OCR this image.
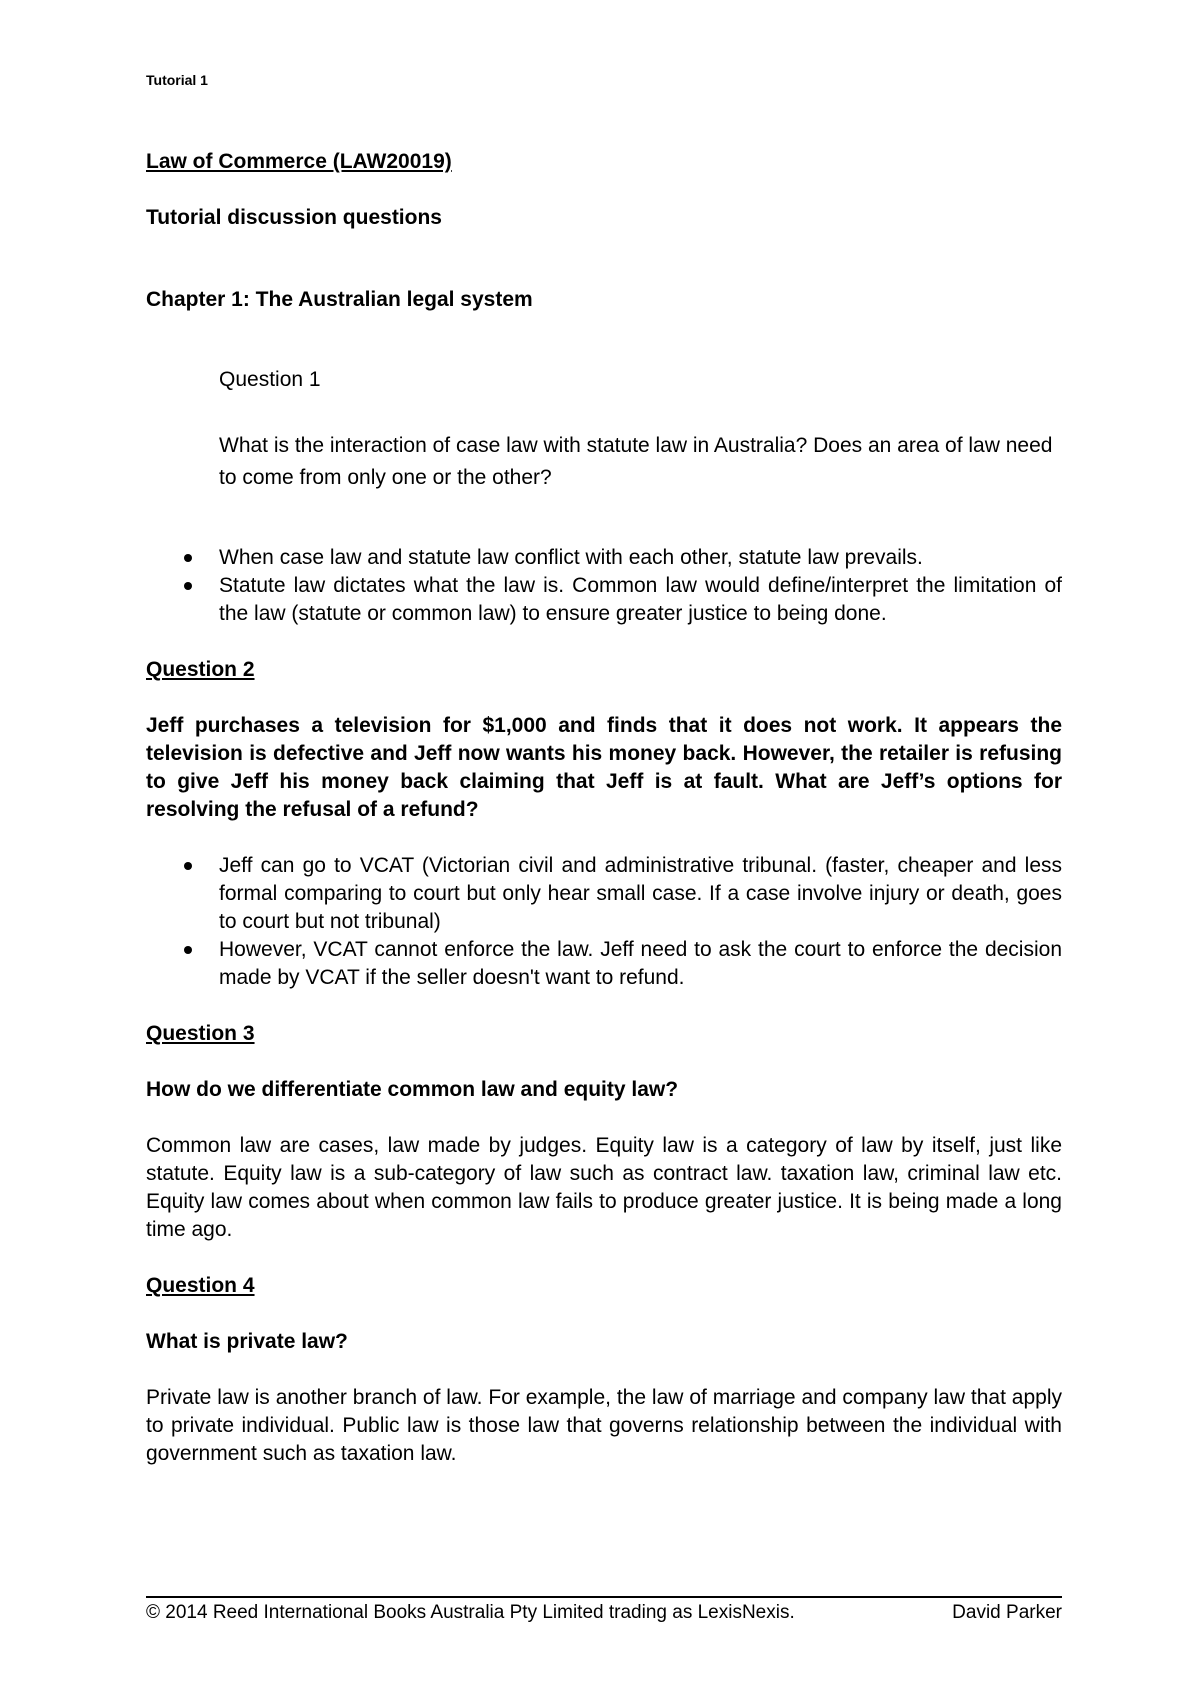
Tutorial 1
Law of Commerce (LAW20019)
Tutorial discussion questions
Chapter 1: The Australian legal system
Question 1
What is the interaction of case law with statute law in Australia? Does an area of law need to come from only one or the other?
When case law and statute law conflict with each other, statute law prevails.
Statute law dictates what the law is. Common law would define/interpret the limitation of the law (statute or common law) to ensure greater justice to being done.
Question 2
Jeff purchases a television for $1,000 and finds that it does not work. It appears the television is defective and Jeff now wants his money back. However, the retailer is refusing to give Jeff his money back claiming that Jeff is at fault. What are Jeff’s options for resolving the refusal of a refund?
Jeff can go to VCAT (Victorian civil and administrative tribunal. (faster, cheaper and less formal comparing to court but only hear small case. If a case involve injury or death, goes to court but not tribunal)
However, VCAT cannot enforce the law. Jeff need to ask the court to enforce the decision made by VCAT if the seller doesn't want to refund.
Question 3
How do we differentiate common law and equity law?
Common law are cases, law made by judges. Equity law is a category of law by itself, just like statute. Equity law is a sub-category of law such as contract law. taxation law, criminal law etc. Equity law comes about when common law fails to produce greater justice. It is being made a long time ago.
Question 4
What is private law?
Private law is another branch of law. For example, the law of marriage and company law that apply to private individual. Public law is those law that governs relationship between the individual with government such as taxation law.
© 2014 Reed International Books Australia Pty Limited trading as LexisNexis.	David Parker
